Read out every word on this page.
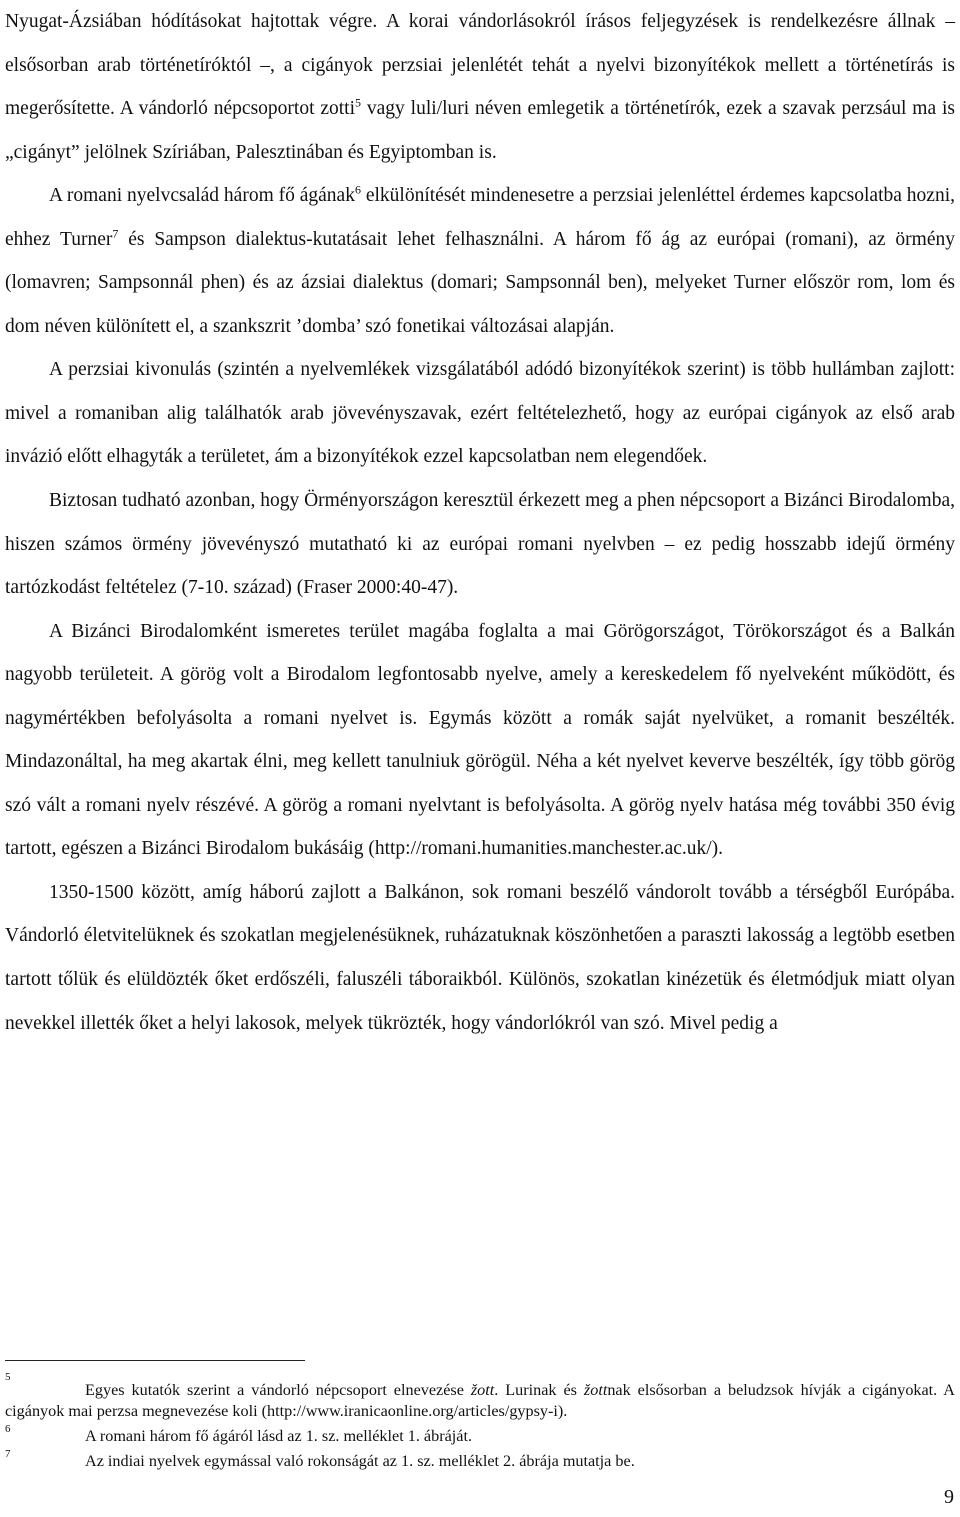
Nyugat-Ázsiában hódításokat hajtottak végre. A korai vándorlásokról írásos feljegyzések is rendelkezésre állnak – elsősorban arab történetíróktól –, a cigányok perzsiai jelenlétét tehát a nyelvi bizonyítékok mellett a történetírás is megerősítette. A vándorló népcsoportot zotti$^5$ vagy luli/luri néven emlegetik a történetírók, ezek a szavak perzsául ma is „cigányt” jelölnek Szíriában, Palesztinában és Egyiptomban is.

A romani nyelvcsalád három fő ágának$^6$ elkülönítését mindenesetre a perzsiai jelenléttel érdemes kapcsolatba hozni, ehhez Turner$^7$ és Sampson dialektus-kutatásait lehet felhasználni. A három fő ág az európai (romani), az örmény (lomavren; Sampsonnál phen) és az ázsiai dialektus (domari; Sampsonnál ben), melyeket Turner először rom, lom és dom néven különített el, a szankszrit ’domba’ szó fonetikai változásai alapján.

A perzsiai kivonulás (szintén a nyelvemlékek vizsgálatából adódó bizonyítékok szerint) is több hullámban zajlott: mivel a romaniban alig találhatók arab jövevényszavak, ezért feltételezhető, hogy az európai cigányok az első arab invázió előtt elhagyták a területet, ám a bizonyítékok ezzel kapcsolatban nem elegendőek.

Biztosan tudható azonban, hogy Örményországon keresztül érkezett meg a phen népcsoport a Bizánci Birodalomba, hiszen számos örmény jövevényszó mutatható ki az európai romani nyelvben – ez pedig hosszabb idejű örmény tartózkodást feltételez (7-10. század) (Fraser 2000:40-47).

A Bizánci Birodalomként ismeretes terület magába foglalta a mai Görögországot, Törökországot és a Balkán nagyobb területeit. A görög volt a Birodalom legfontosabb nyelve, amely a kereskedelem fő nyelveként működött, és nagymértékben befolyásolta a romani nyelvet is. Egymás között a romák saját nyelvüket, a romanit beszélték. Mindazonáltal, ha meg akartak élni, meg kellett tanulniuk görögül. Néha a két nyelvet keverve beszélték, így több görög szó vált a romani nyelv részévé. A görög a romani nyelvtant is befolyásolta. A görög nyelv hatása még további 350 évig tartott, egészen a Bizánci Birodalom bukásáig (http://romani.humanities.manchester.ac.uk/).

1350-1500 között, amíg háború zajlott a Balkánon, sok romani beszélő vándorolt tovább a térségből Európába. Vándorló életvitelüknek és szokatlan megjelenésüknek, ruházatuknak köszönhetően a paraszti lakosság a legtöbb esetben tartott tőlük és elüldözték őket erdőszéli, faluszéli táboraikból. Különös, szokatlan kinézetük és életmódjuk miatt olyan nevekkel illették őket a helyi lakosok, melyek tükrözték, hogy vándorlókról van szó. Mivel pedig a

5
Egyes kutatók szerint a vándorló népcsoport elnevezése žott. Lurinak és žottnak elsősorban a beludzsok hívják a cigányokat. A cigányok mai perzsa megnevezése koli (http://www.iranicaonline.org/articles/gypsy-i).
6	A romani három fő ágáról lásd az 1. sz. melléklet 1. ábráját.
7	Az indiai nyelvek egymással való rokonságát az 1. sz. melléklet 2. ábrája mutatja be.
9
